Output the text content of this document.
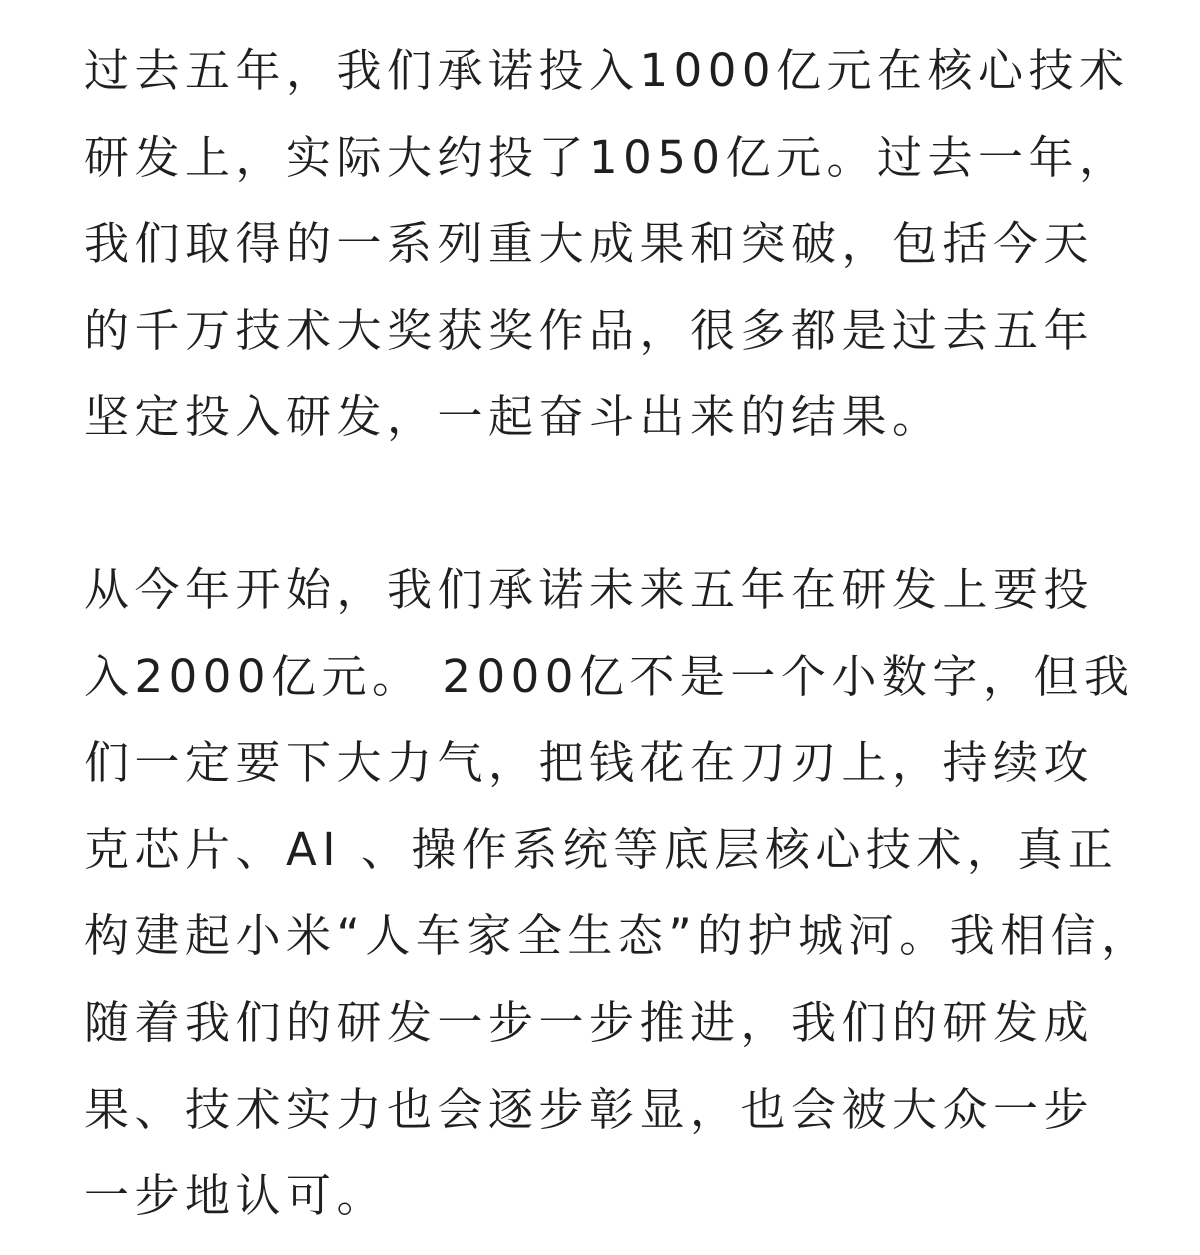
过去五年，我们承诺投入1000亿元在核心技术
研发上，实际大约投了1050亿元。过去一年，
我们取得的一系列重大成果和突破，包括今天
的千万技术大奖获奖作品，很多都是过去五年
坚定投入研发，一起奋斗出来的结果。

从今年开始，我们承诺未来五年在研发上要投
入2000亿元。 2000亿不是一个小数字，但我
们一定要下大力气，把钱花在刀刃上，持续攻
克芯片、AI 、操作系统等底层核心技术，真正
构建起小米“人车家全生态”的护城河。我相信，
随着我们的研发一步一步推进，我们的研发成
果、技术实力也会逐步彰显，也会被大众一步
一步地认可。
